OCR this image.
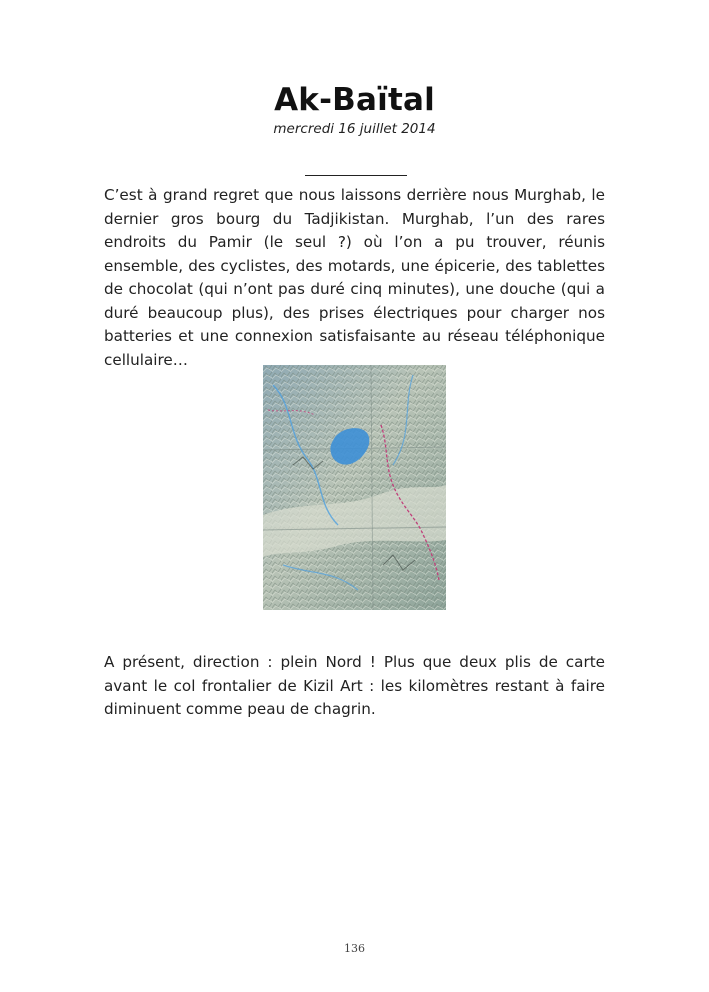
Ak-Baïtal
mercredi 16 juillet 2014

C’est à grand regret que nous laissons derrière nous Murghab, le dernier gros bourg du Tadjikistan. Murghab, l’un des rares endroits du Pamir (le seul ?) où l’on a pu trouver, réunis ensemble, des cyclistes, des motards, une épicerie, des tablettes de chocolat (qui n’ont pas duré cinq minutes), une douche (qui a duré beaucoup plus), des prises électriques pour charger nos batteries et une connexion satisfaisante au réseau téléphonique cellulaire…

A présent, direction : plein Nord ! Plus que deux plis de carte avant le col frontalier de Kizil Art : les kilomètres restant à faire diminuent comme peau de chagrin.

136
